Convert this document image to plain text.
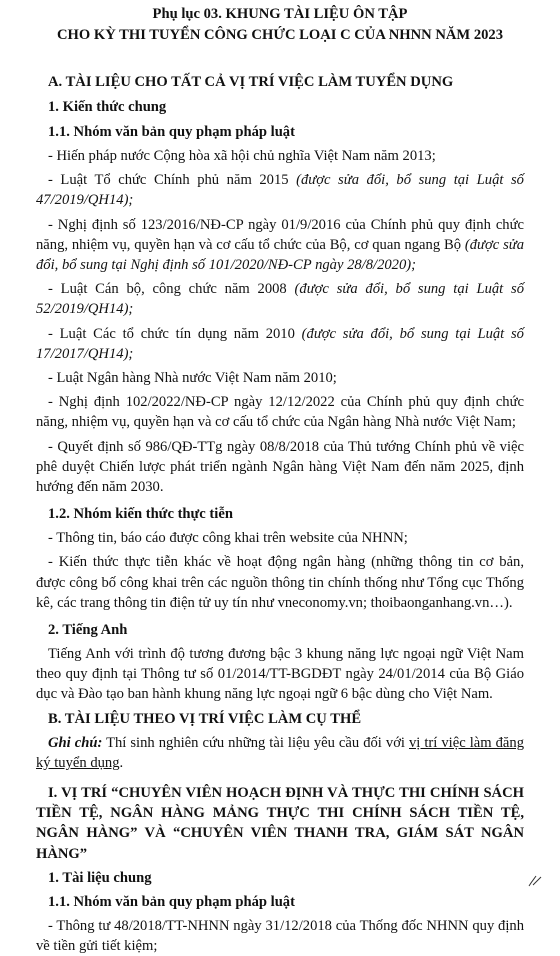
Phụ lục 03. KHUNG TÀI LIỆU ÔN TẬP

CHO KỲ THI TUYỂN CÔNG CHỨC LOẠI C CỦA NHNN NĂM 2023

A. TÀI LIỆU CHO TẤT CẢ VỊ TRÍ VIỆC LÀM TUYỂN DỤNG

1. Kiến thức chung

1.1. Nhóm văn bản quy phạm pháp luật

- Hiến pháp nước Cộng hòa xã hội chủ nghĩa Việt Nam năm 2013;

- Luật Tổ chức Chính phủ năm 2015 (được sửa đổi, bổ sung tại Luật số 47/2019/QH14);

- Nghị định số 123/2016/NĐ-CP ngày 01/9/2016 của Chính phủ quy định chức năng, nhiệm vụ, quyền hạn và cơ cấu tổ chức của Bộ, cơ quan ngang Bộ (được sửa đổi, bổ sung tại Nghị định số 101/2020/NĐ-CP ngày 28/8/2020);

- Luật Cán bộ, công chức năm 2008 (được sửa đổi, bổ sung tại Luật số 52/2019/QH14);

- Luật Các tổ chức tín dụng năm 2010 (được sửa đổi, bổ sung tại Luật số 17/2017/QH14);

- Luật Ngân hàng Nhà nước Việt Nam năm 2010;

- Nghị định 102/2022/NĐ-CP ngày 12/12/2022 của Chính phủ quy định chức năng, nhiệm vụ, quyền hạn và cơ cấu tổ chức của Ngân hàng Nhà nước Việt Nam;

- Quyết định số 986/QĐ-TTg ngày 08/8/2018 của Thủ tướng Chính phủ về việc phê duyệt Chiến lược phát triển ngành Ngân hàng Việt Nam đến năm 2025, định hướng đến năm 2030.

1.2. Nhóm kiến thức thực tiễn

- Thông tin, báo cáo được công khai trên website của NHNN;

- Kiến thức thực tiễn khác về hoạt động ngân hàng (những thông tin cơ bản, được công bố công khai trên các nguồn thông tin chính thống như Tổng cục Thống kê, các trang thông tin điện tử uy tín như vneconomy.vn; thoibaonganhang.vn…).

2. Tiếng Anh

Tiếng Anh với trình độ tương đương bậc 3 khung năng lực ngoại ngữ Việt Nam theo quy định tại Thông tư số 01/2014/TT-BGDĐT ngày 24/01/2014 của Bộ Giáo dục và Đào tạo ban hành khung năng lực ngoại ngữ 6 bậc dùng cho Việt Nam.

B. TÀI LIỆU THEO VỊ TRÍ VIỆC LÀM CỤ THỂ

Ghi chú: Thí sinh nghiên cứu những tài liệu yêu cầu đối với vị trí việc làm đăng ký tuyển dụng.

I. VỊ TRÍ “CHUYÊN VIÊN HOẠCH ĐỊNH VÀ THỰC THI CHÍNH SÁCH TIỀN TỆ, NGÂN HÀNG MẢNG THỰC THI CHÍNH SÁCH TIỀN TỆ, NGÂN HÀNG” VÀ “CHUYÊN VIÊN THANH TRA, GIÁM SÁT NGÂN HÀNG”

1. Tài liệu chung

1.1. Nhóm văn bản quy phạm pháp luật

- Thông tư 48/2018/TT-NHNN ngày 31/12/2018 của Thống đốc NHNN quy định về tiền gửi tiết kiệm;
